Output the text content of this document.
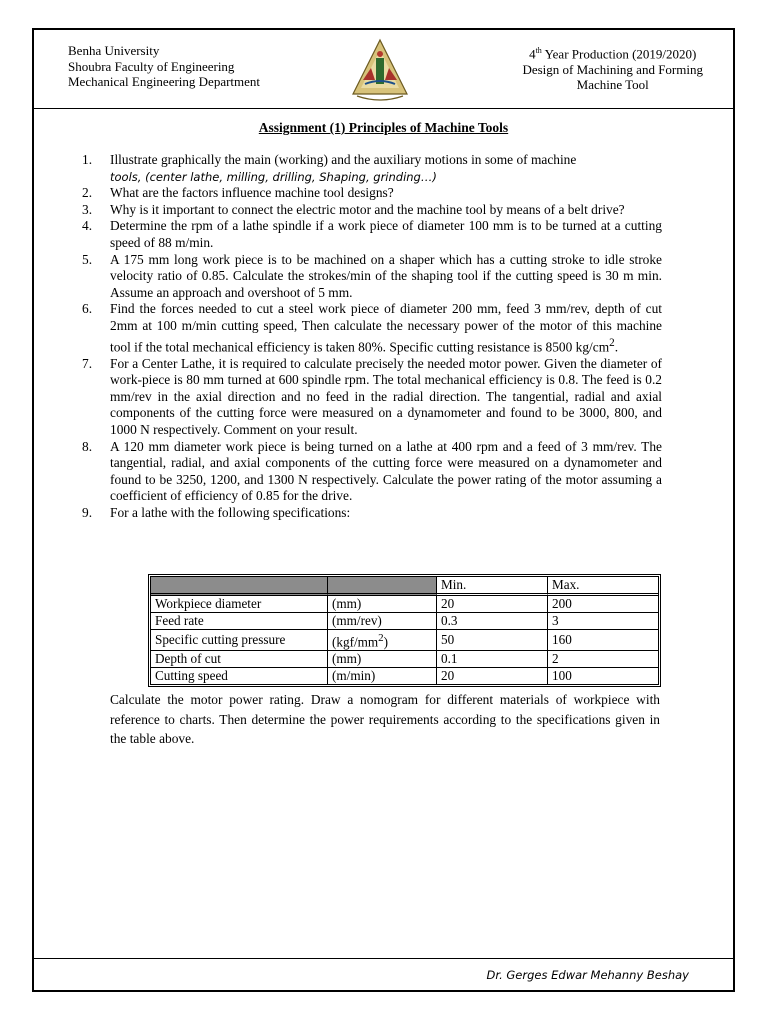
Benha University
Shoubra Faculty of Engineering
Mechanical Engineering Department
4th Year Production (2019/2020)
Design of Machining and Forming
Machine Tool
Assignment (1) Principles of Machine Tools
1. Illustrate graphically the main (working) and the auxiliary motions in some of machine
tools, (center lathe, milling, drilling, Shaping, grinding…)
2. What are the factors influence machine tool designs?
3. Why is it important to connect the electric motor and the machine tool by means of a belt drive?
4. Determine the rpm of a lathe spindle if a work piece of diameter 100 mm is to be turned at a cutting speed of 88 m/min.
5. A 175 mm long work piece is to be machined on a shaper which has a cutting stroke to idle stroke velocity ratio of 0.85. Calculate the strokes/min of the shaping tool if the cutting speed is 30 m min. Assume an approach and overshoot of 5 mm.
6. Find the forces needed to cut a steel work piece of diameter 200 mm, feed 3 mm/rev, depth of cut 2mm at 100 m/min cutting speed, Then calculate the necessary power of the motor of this machine tool if the total mechanical efficiency is taken 80%. Specific cutting resistance is 8500 $kg/cm^2$.
7. For a Center Lathe, it is required to calculate precisely the needed motor power. Given the diameter of work-piece is 80 mm turned at 600 spindle rpm. The total mechanical efficiency is 0.8. The feed is 0.2 mm/rev in the axial direction and no feed in the radial direction. The tangential, radial and axial components of the cutting force were measured on a dynamometer and found to be 3000, 800, and 1000 N respectively. Comment on your result.
8. A 120 mm diameter work piece is being turned on a lathe at 400 rpm and a feed of 3 mm/rev. The tangential, radial, and axial components of the cutting force were measured on a dynamometer and found to be 3250, 1200, and 1300 N respectively. Calculate the power rating of the motor assuming a coefficient of efficiency of 0.85 for the drive.
9. For a lathe with the following specifications:
		Min.	Max.
Workpiece diameter	(mm)	20	200
Feed rate	(mm/rev)	0.3	3
Specific cutting pressure	$(kgf/mm^2)$	50	160
Depth of cut	(mm)	0.1	2
Cutting speed	(m/min)	20	100
Calculate the motor power rating. Draw a nomogram for different materials of workpiece with reference to charts. Then determine the power requirements according to the specifications given in the table above.
Dr. Gerges Edwar Mehanny Beshay
